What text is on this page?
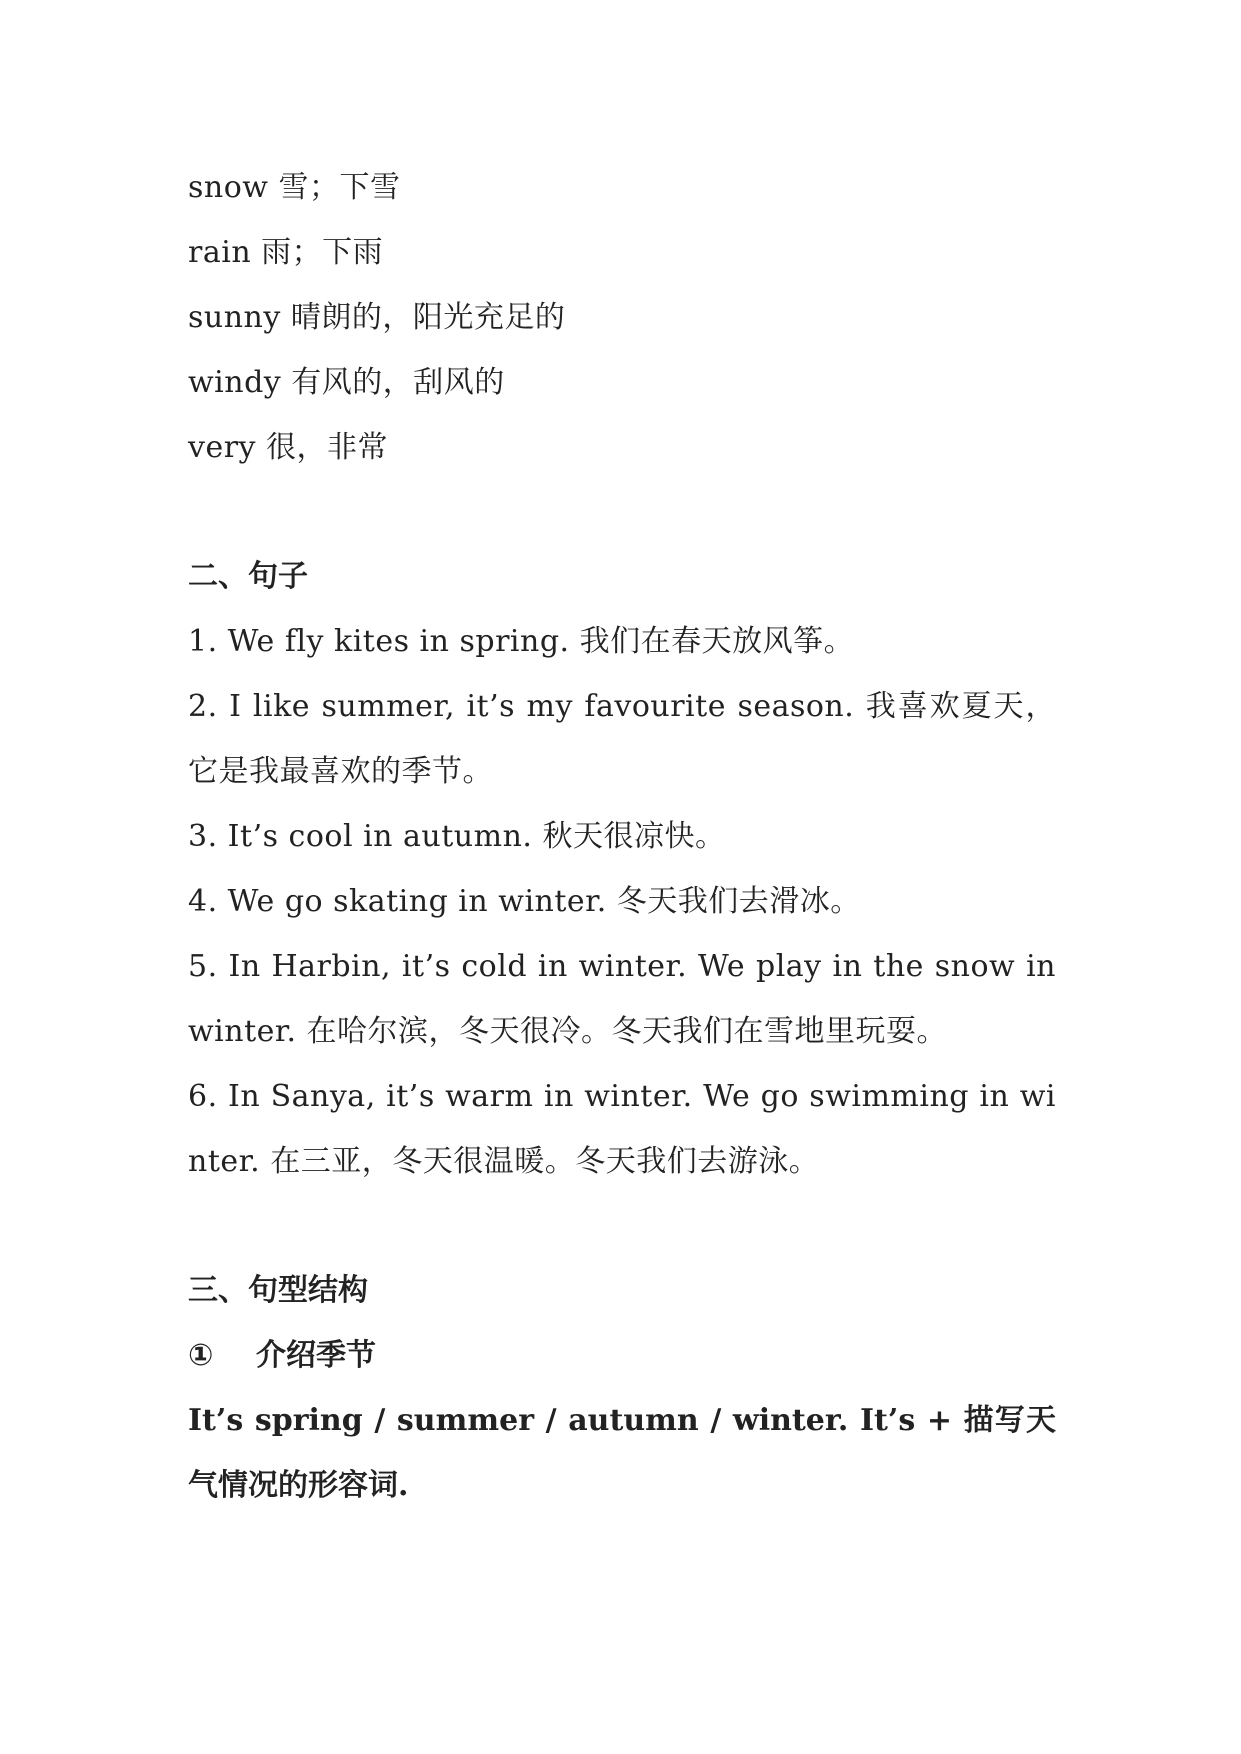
snow 雪；下雪
rain 雨；下雨
sunny 晴朗的，阳光充足的
windy 有风的，刮风的
very 很，非常
二、句子
1. We fly kites in spring. 我们在春天放风筝。
2. I like summer, it’s my favourite season. 我喜欢夏天，它是我最喜欢的季节。
3. It’s cool in autumn. 秋天很凉快。
4. We go skating in winter. 冬天我们去滑冰。
5. In Harbin, it’s cold in winter. We play in the snow in winter. 在哈尔滨，冬天很冷。冬天我们在雪地里玩耍。
6. In Sanya, it’s warm in winter. We go swimming in winter. 在三亚，冬天很温暖。冬天我们去游泳。
三、句型结构
① 介绍季节
It’s spring / summer / autumn / winter. It’s + 描写天气情况的形容词.
